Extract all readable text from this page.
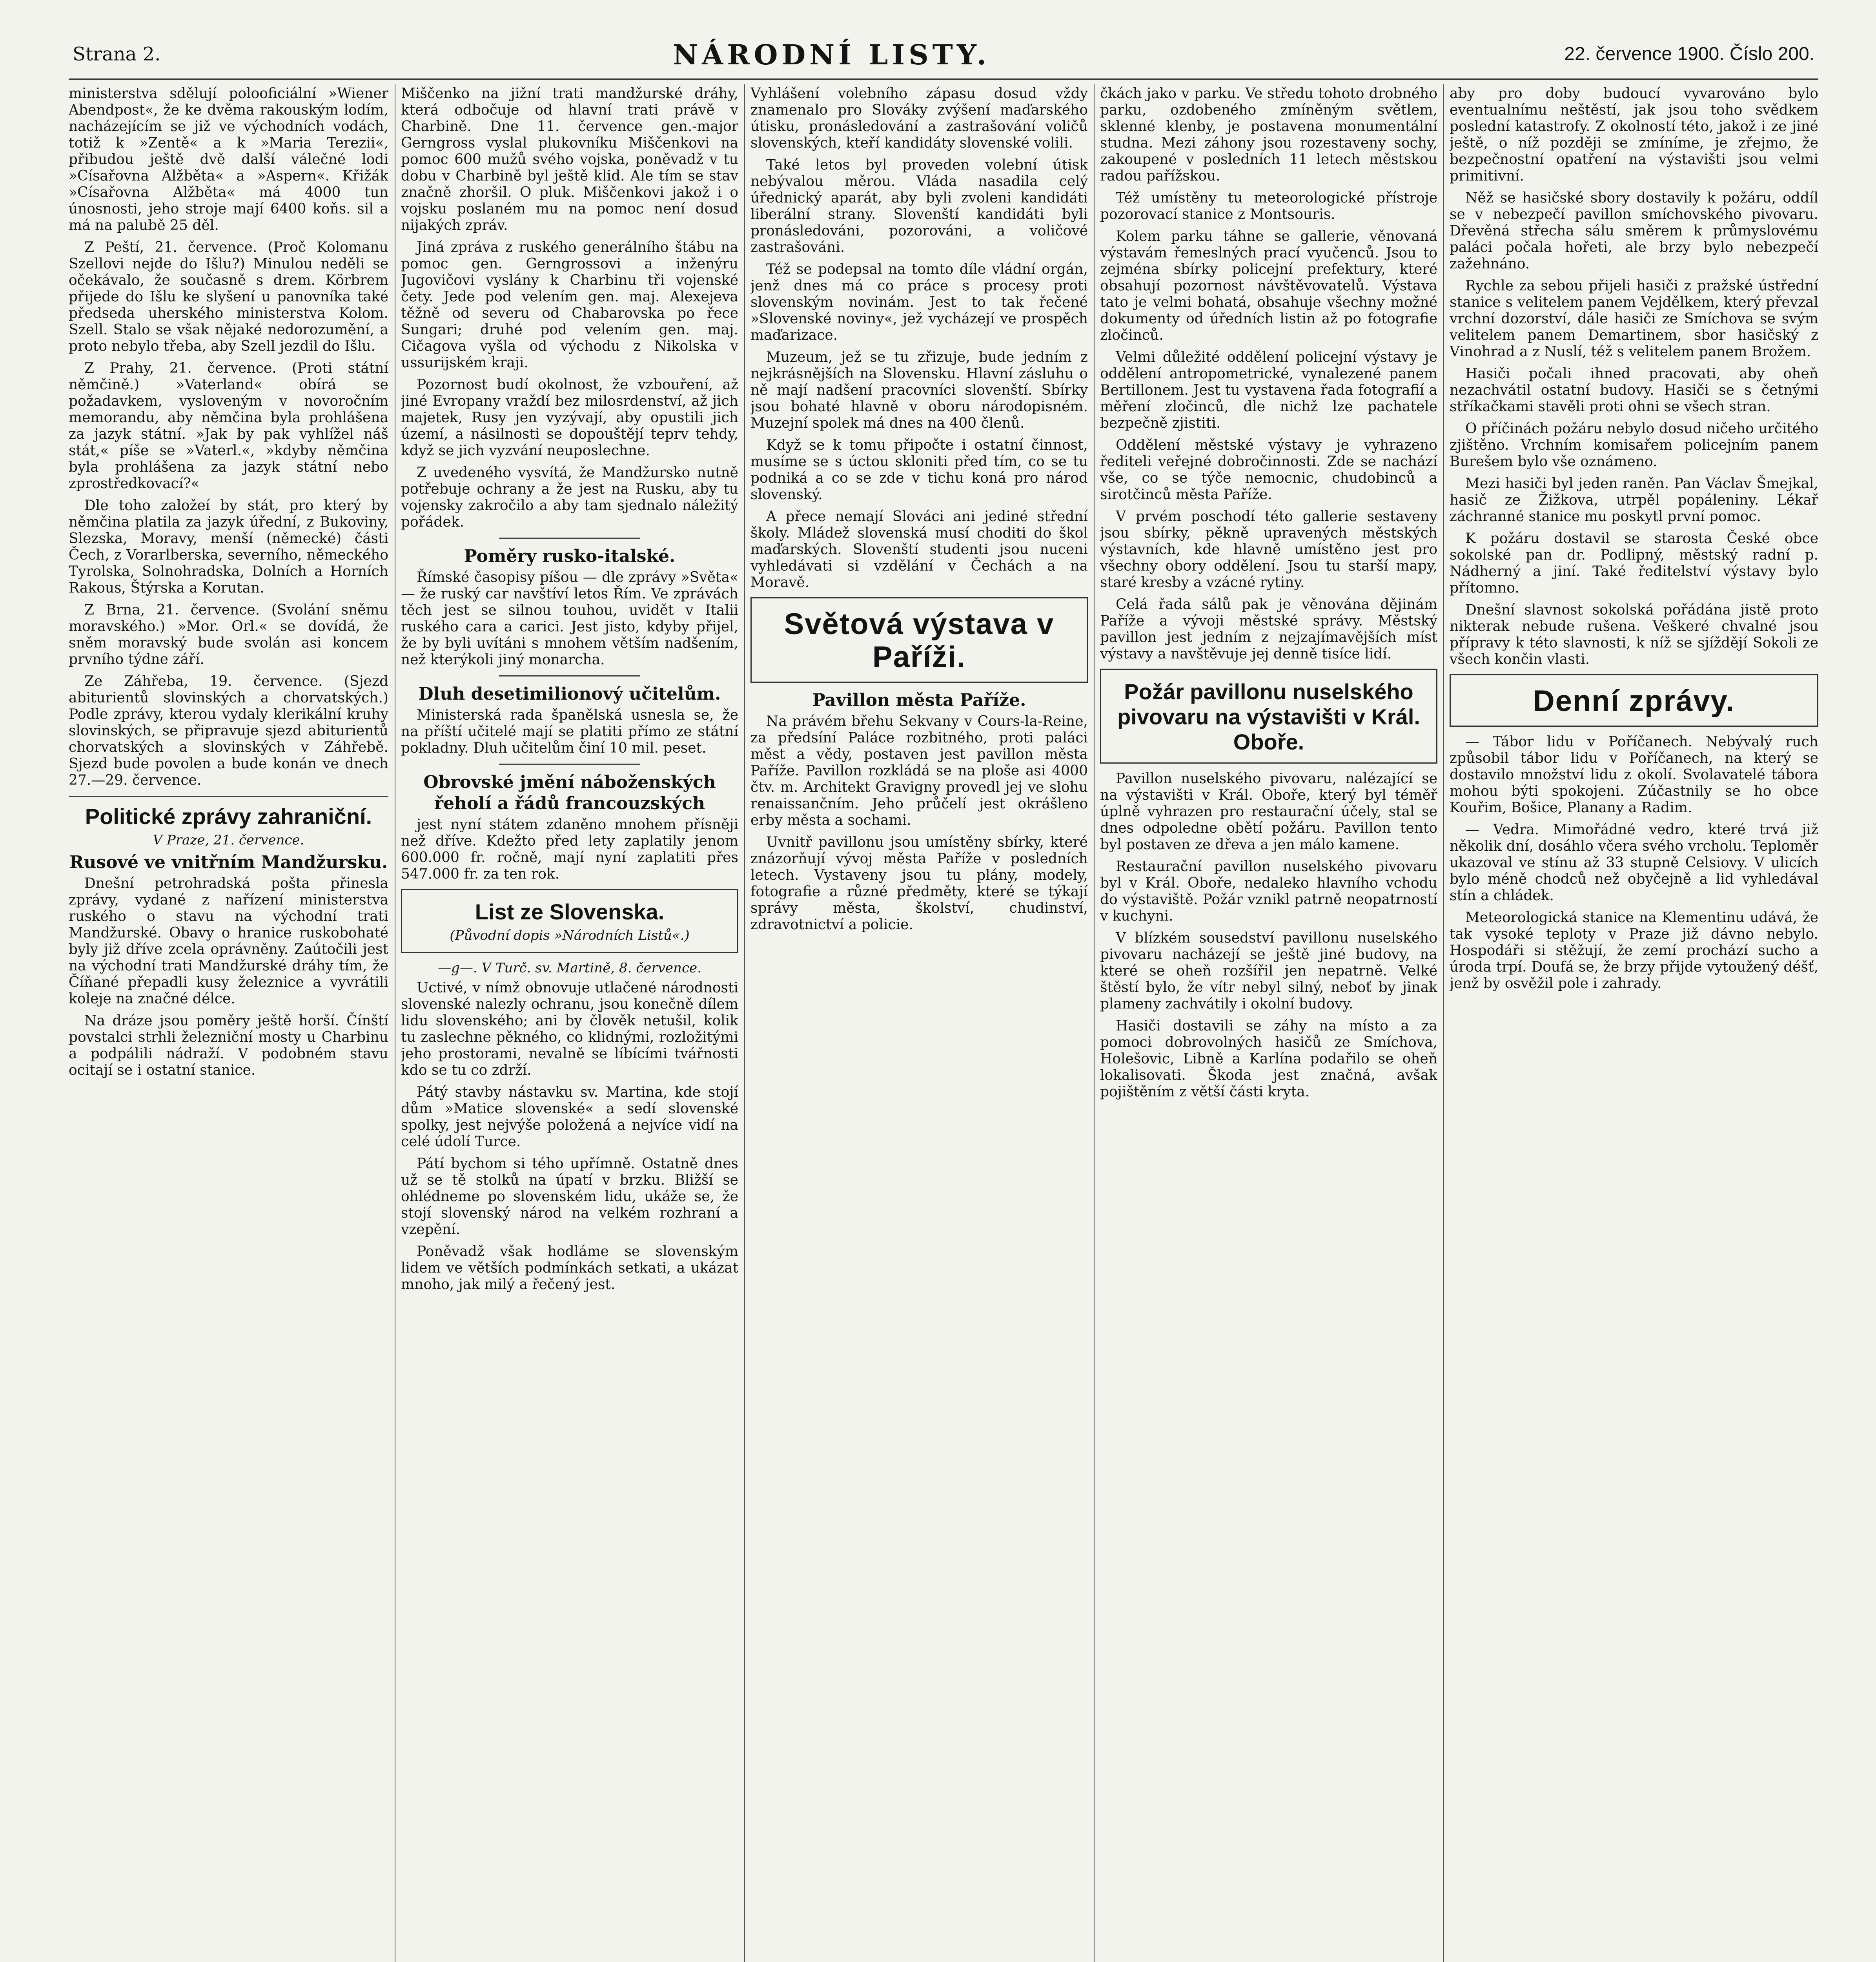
Strana 2.	NÁRODNÍ LISTY.	22. července 1900. Číslo 200.

ministerstva sdělují polooficiální »Wiener Abendpost«, že ke dvěma rakouským lodím, nacházejícím se již ve východních vodách, totiž k »Zentě« a k »Maria Terezii«, přibudou ještě dvě další válečné lodi »Císařovna Alžběta« a »Aspern«. Křižák »Císařovna Alžběta« má 4000 tun únosnosti, jeho stroje mají 6400 koňs. sil a má na palubě 25 děl.

Z Peští, 21. července. (Proč Kolomanu Szellovi nejde do Išlu?) Minulou neděli se očekávalo, že současně s drem. Körbrem přijede do Išlu ke slyšení u panovníka také předseda uherského ministerstva Kolom. Szell. Stalo se však nějaké nedorozumění, a proto nebylo třeba, aby Szell jezdil do Išlu.

Z Prahy, 21. července. (Proti státní němčině.) »Vaterland« obírá se požadavkem, vysloveným v novoročním memorandu, aby němčina byla prohlášena za jazyk státní. »Jak by pak vyhlížel náš stát,« píše se »Vaterl.«, »kdyby němčina byla prohlášena za jazyk státní nebo zprostředkovací?«

Dle toho založeí by stát, pro který by němčina platila za jazyk úřední, z Bukoviny, Slezska, Moravy, menší (německé) části Čech, z Vorarlberska, severního, německého Tyrolska, Solnohradska, Dolních a Horních Rakous, Štýrska a Korutan.

Z Brna, 21. července. (Svolání sněmu moravského.) »Mor. Orl.« se dovídá, že sněm moravský bude svolán asi koncem prvního týdne září.

Ze Záhřeba, 19. července. (Sjezd abiturientů slovinských a chorvatských.) Podle zprávy, kterou vydaly klerikální kruhy slovinských, se připravuje sjezd abiturientů chorvatských a slovinských v Záhřebě. Sjezd bude povolen a bude konán ve dnech 27.—29. července.

Politické zprávy zahraniční.
V Praze, 21. července.
Rusové ve vnitřním Mandžursku.

Dnešní petrohradská pošta přinesla zprávy, vydané z nařízení ministerstva ruského o stavu na východní trati Mandžurské. Obavy o hranice ruskobohaté byly již dříve zcela oprávněny. Zaútočili jest na východní trati Mandžurské dráhy tím, že Číňané přepadli kusy železnice a vyvrátili koleje na značné délce.

Na dráze jsou poměry ještě horší. Čínští povstalci strhli železniční mosty u Charbinu a podpálili nádraží. V podobném stavu ocitají se i ostatní stanice.

Miščenko na jižní trati mandžurské dráhy, která odbočuje od hlavní trati právě v Charbině. Dne 11. července gen.-major Gerngross vyslal plukovníku Miščenkovi na pomoc 600 mužů svého vojska, poněvadž v tu dobu v Charbině byl ještě klid. Ale tím se stav značně zhoršil. O pluk. Miščenkovi jakož i o vojsku poslaném mu na pomoc není dosud nijakých zpráv.

Jiná zpráva z ruského generálního štábu na pomoc gen. Gerngrossovi a inženýru Jugovičovi vyslány k Charbinu tři vojenské čety. Jede pod velením gen. maj. Alexejeva těžně od severu od Chabarovska po řece Sungari; druhé pod velením gen. maj. Cičagova vyšla od východu z Nikolska v ussurijském kraji.

Pozornost budí okolnost, že vzbouření, až jiné Evropany vraždí bez milosrdenství, až jich majetek, Rusy jen vyzývají, aby opustili jich území, a násilnosti se dopouštějí teprv tehdy, když se jich vyzvání neuposlechne.

Z uvedeného vysvítá, že Mandžursko nutně potřebuje ochrany a že jest na Rusku, aby tu vojensky zakročilo a aby tam sjednalo náležitý pořádek.

Poměry rusko-italské.

Římské časopisy píšou — dle zprávy »Světa« — že ruský car navštíví letos Řím. Ve zprávách těch jest se silnou touhou, uvidět v Italii ruského cara a carici. Jest jisto, kdyby přijel, že by byli uvítáni s mnohem větším nadšením, než kterýkoli jiný monarcha.

Dluh desetimilionový učitelům.

Ministerská rada španělská usnesla se, že na příští učitelé mají se platiti přímo ze státní pokladny. Dluh učitelům činí 10 mil. peset.

Obrovské jmění náboženských řeholí a řádů francouzských

jest nyní státem zdaněno mnohem přísněji než dříve. Kdežto před lety zaplatily jenom 600.000 fr. ročně, mají nyní zaplatiti přes 547.000 fr. za ten rok.

List ze Slovenska.
(Původní dopis »Národních Listů«.)
—g—. V Turč. sv. Martině, 8. července.

Uctivé, v nímž obnovuje utlačené národnosti slovenské nalezly ochranu, jsou konečně dílem lidu slovenského; ani by člověk netušil, kolik tu zaslechne pěkného, co klidnými, rozložitými jeho prostorami, nevalně se líbícími tvářnosti kdo se tu co zdrží.

Pátý stavby nástavku sv. Martina, kde stojí dům »Matice slovenské« a sedí slovenské spolky, jest nejvýše položená a nejvíce vidí na celé údolí Turce.

Pátí bychom si tého upřímně. Ostatně dnes už se tě stolků na úpatí v brzku. Bližší se ohlédneme po slovenském lidu, ukáže se, že stojí slovenský národ na velkém rozhraní a vzepění.

Poněvadž však hodláme se slovenským lidem ve větších podmínkách setkati, a ukázat mnoho, jak milý a řečený jest.

Vyhlášení volebního zápasu dosud vždy znamenalo pro Slováky zvýšení maďarského útisku, pronásledování a zastrašování voličů slovenských, kteří kandidáty slovenské volili.

Také letos byl proveden volební útisk nebývalou měrou. Vláda nasadila celý úřednický aparát, aby byli zvoleni kandidáti liberální strany. Slovenští kandidáti byli pronásledováni, pozorováni, a voličové zastrašováni.

Též se podepsal na tomto díle vládní orgán, jenž dnes má co práce s procesy proti slovenským novinám. Jest to tak řečené »Slovenské noviny«, jež vycházejí ve prospěch maďarizace.

Muzeum, jež se tu zřizuje, bude jedním z nejkrásnějších na Slovensku. Hlavní zásluhu o ně mají nadšení pracovníci slovenští. Sbírky jsou bohaté hlavně v oboru národopisném. Muzejní spolek má dnes na 400 členů.

Když se k tomu připočte i ostatní činnost, musíme se s úctou skloniti před tím, co se tu podniká a co se zde v tichu koná pro národ slovenský.

A přece nemají Slováci ani jediné střední školy. Mládež slovenská musí choditi do škol maďarských. Slovenští studenti jsou nuceni vyhledávati si vzdělání v Čechách a na Moravě.

Světová výstava v Paříži.
Pavillon města Paříže.

Na právém břehu Sekvany v Cours-la-Reine, za předsíní Paláce rozbitného, proti paláci měst a vědy, postaven jest pavillon města Paříže. Pavillon rozkládá se na ploše asi 4000 čtv. m. Architekt Gravigny provedl jej ve slohu renaissančním. Jeho průčelí jest okrášleno erby města a sochami.

Uvnitř pavillonu jsou umístěny sbírky, které znázorňují vývoj města Paříže v posledních letech. Vystaveny jsou tu plány, modely, fotografie a různé předměty, které se týkají správy města, školství, chudinství, zdravotnictví a policie.

čkách jako v parku. Ve středu tohoto drobného parku, ozdobeného zmíněným světlem, sklenné klenby, je postavena monumentální studna. Mezi záhony jsou rozestaveny sochy, zakoupené v posledních 11 letech městskou radou pařížskou.

Též umístěny tu meteorologické přístroje pozorovací stanice z Montsouris.

Kolem parku táhne se gallerie, věnovaná výstavám řemeslných prací vyučenců. Jsou to zejména sbírky policejní prefektury, které obsahují pozornost návštěvovatelů. Výstava tato je velmi bohatá, obsahuje všechny možné dokumenty od úředních listin až po fotografie zločinců.

Velmi důležité oddělení policejní výstavy je oddělení antropometrické, vynalezené panem Bertillonem. Jest tu vystavena řada fotografií a měření zločinců, dle nichž lze pachatele bezpečně zjistiti.

Oddělení městské výstavy je vyhrazeno řediteli veřejné dobročinnosti. Zde se nachází vše, co se týče nemocnic, chudobinců a sirotčinců města Paříže.

V prvém poschodí této gallerie sestaveny jsou sbírky, pěkně upravených městských výstavních, kde hlavně umístěno jest pro všechny obory oddělení. Jsou tu starší mapy, staré kresby a vzácné rytiny.

Celá řada sálů pak je věnována dějinám Paříže a vývoji městské správy. Městský pavillon jest jedním z nejzajímavějších míst výstavy a navštěvuje jej denně tisíce lidí.

Požár pavillonu nuselského pivovaru na výstavišti v Král. Oboře.

Pavillon nuselského pivovaru, nalézající se na výstavišti v Král. Oboře, který byl téměř úplně vyhrazen pro restaurační účely, stal se dnes odpoledne obětí požáru. Pavillon tento byl postaven ze dřeva a jen málo kamene.

Restaurační pavillon nuselského pivovaru byl v Král. Oboře, nedaleko hlavního vchodu do výstaviště. Požár vznikl patrně neopatrností v kuchyni.

V blízkém sousedství pavillonu nuselského pivovaru nacházejí se ještě jiné budovy, na které se oheň rozšířil jen nepatrně. Velké štěstí bylo, že vítr nebyl silný, neboť by jinak plameny zachvátily i okolní budovy.

Hasiči dostavili se záhy na místo a za pomoci dobrovolných hasičů ze Smíchova, Holešovic, Libně a Karlína podařilo se oheň lokalisovati. Škoda jest značná, avšak pojištěním z větší části kryta.

aby pro doby budoucí vyvarováno bylo eventualnímu neštěstí, jak jsou toho svědkem poslední katastrofy. Z okolností této, jakož i ze jiné ještě, o níž později se zmíníme, je zřejmo, že bezpečnostní opatření na výstavišti jsou velmi primitivní.

Něž se hasičské sbory dostavily k požáru, oddíl se v nebezpečí pavillon smíchovského pivovaru. Dřevěná střecha sálu směrem k průmyslovému paláci počala hořeti, ale brzy bylo nebezpečí zažehnáno.

Rychle za sebou přijeli hasiči z pražské ústřední stanice s velitelem panem Vejdělkem, který převzal vrchní dozorství, dále hasiči ze Smíchova se svým velitelem panem Demartinem, sbor hasičský z Vinohrad a z Nuslí, též s velitelem panem Brožem.

Hasiči počali ihned pracovati, aby oheň nezachvátil ostatní budovy. Hasiči se s četnými stříkačkami stavěli proti ohni se všech stran.

O příčinách požáru nebylo dosud ničeho určitého zjištěno. Vrchním komisařem policejním panem Burešem bylo vše oznámeno.

Mezi hasiči byl jeden raněn. Pan Václav Šmejkal, hasič ze Žižkova, utrpěl popáleniny. Lékař záchranné stanice mu poskytl první pomoc.

K požáru dostavil se starosta České obce sokolské pan dr. Podlipný, městský radní p. Nádherný a jiní. Také ředitelství výstavy bylo přítomno.

Dnešní slavnost sokolská pořádána jistě proto nikterak nebude rušena. Veškeré chvalné jsou přípravy k této slavnosti, k níž se sjíždějí Sokoli ze všech končin vlasti.

Denní zprávy.

— Tábor lidu v Poříčanech. Nebývalý ruch způsobil tábor lidu v Poříčanech, na který se dostavilo množství lidu z okolí. Svolavatelé tábora mohou býti spokojeni. Zúčastnily se ho obce Kouřim, Bošice, Planany a Radim.

— Vedra. Mimořádné vedro, které trvá již několik dní, dosáhlo včera svého vrcholu. Teploměr ukazoval ve stínu až 33 stupně Celsiovy. V ulicích bylo méně chodců než obyčejně a lid vyhledával stín a chládek.

Meteorologická stanice na Klementinu udává, že tak vysoké teploty v Praze již dávno nebylo. Hospodáři si stěžují, že zemí prochází sucho a úroda trpí. Doufá se, že brzy přijde vytoužený déšť, jenž by osvěžil pole i zahrady.
